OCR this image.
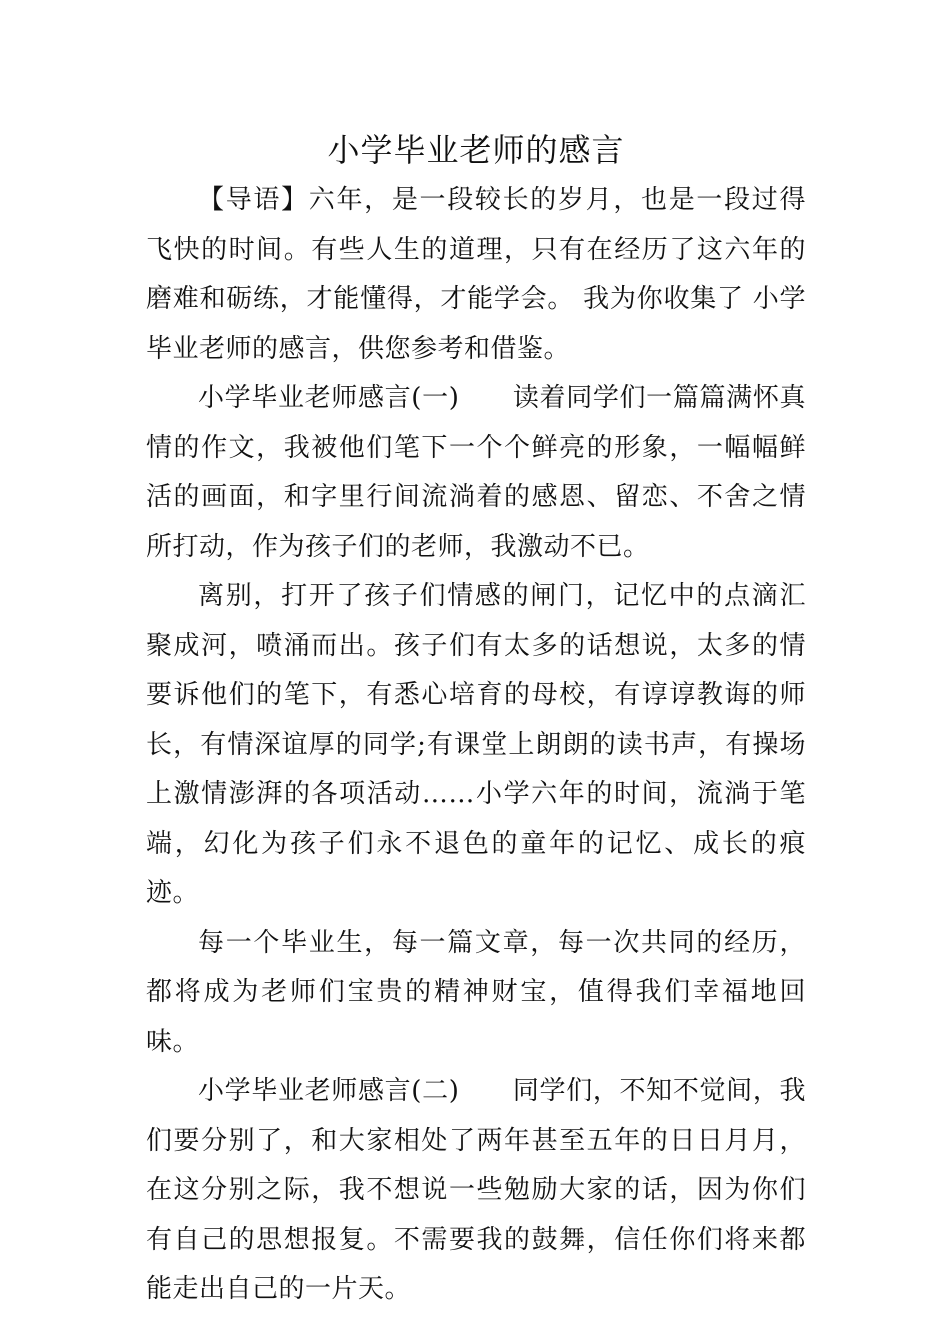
小学毕业老师的感言

【导语】六年，是一段较长的岁月，也是一段过得飞快的时间。有些人生的道理，只有在经历了这六年的磨难和砺练，才能懂得，才能学会。 我为你收集了 小学毕业老师的感言，供您参考和借鉴。

小学毕业老师感言(一)　　读着同学们一篇篇满怀真情的作文，我被他们笔下一个个鲜亮的形象，一幅幅鲜活的画面，和字里行间流淌着的感恩、留恋、不舍之情所打动，作为孩子们的老师，我激动不已。

离别，打开了孩子们情感的闸门，记忆中的点滴汇聚成河，喷涌而出。孩子们有太多的话想说，太多的情要诉他们的笔下，有悉心培育的母校，有谆谆教诲的师长，有情深谊厚的同学;有课堂上朗朗的读书声，有操场上激情澎湃的各项活动……小学六年的时间，流淌于笔端，幻化为孩子们永不退色的童年的记忆、成长的痕迹。

每一个毕业生，每一篇文章，每一次共同的经历，都将成为老师们宝贵的精神财宝，值得我们幸福地回味。

小学毕业老师感言(二)　　同学们，不知不觉间，我们要分别了，和大家相处了两年甚至五年的日日月月，在这分别之际，我不想说一些勉励大家的话，因为你们有自己的思想报复。不需要我的鼓舞，信任你们将来都能走出自己的一片天。
